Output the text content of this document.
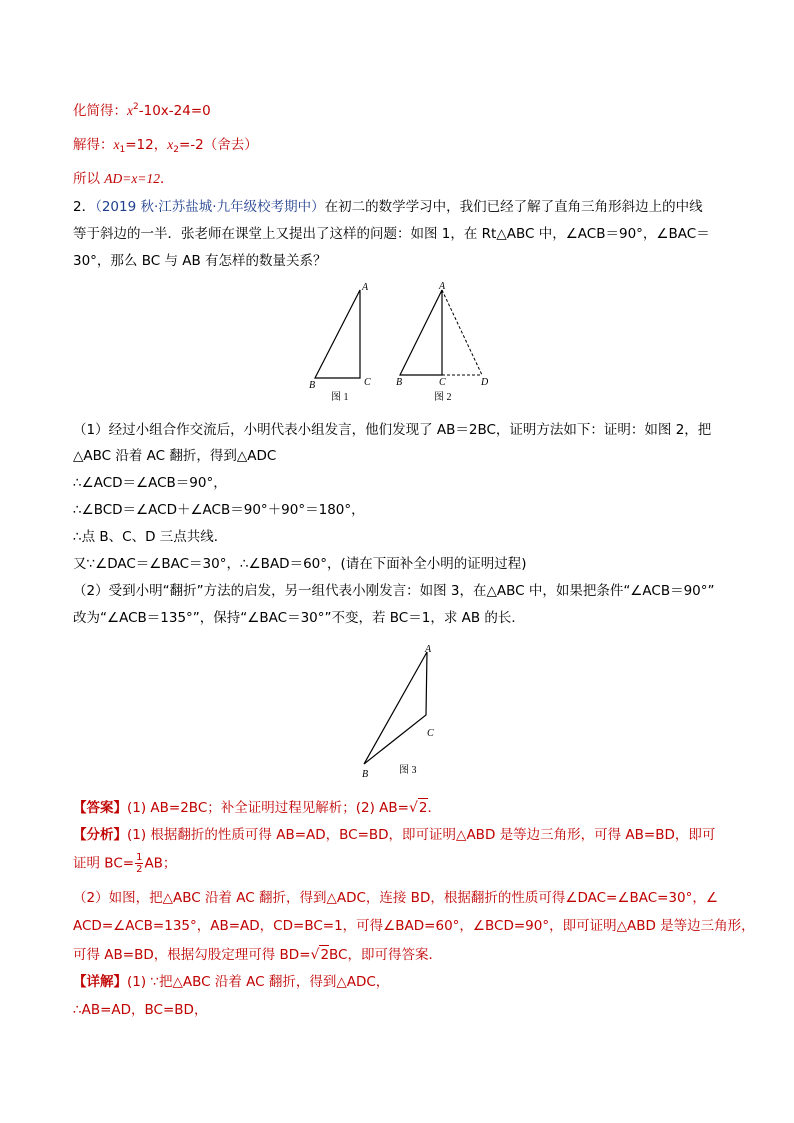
化简得：$x^2-10x-24=0$
解得：$x_1=12$，$x_2=-2$（舍去）
所以 AD=x=12．
2．（2019 秋·江苏盐城·九年级校考期中）在初二的数学学习中，我们已经了解了直角三角形斜边上的中线
等于斜边的一半．张老师在课堂上又提出了这样的问题：如图 1，在 Rt△ABC 中，∠ACB＝90°，∠BAC＝
30°，那么 BC 与 AB 有怎样的数量关系？
A
B	C
图 1
A
B	C	D
图 2
（1）经过小组合作交流后，小明代表小组发言，他们发现了 AB＝2BC，证明方法如下：证明：如图 2，把
△ABC 沿着 AC 翻折，得到△ADC
∴∠ACD＝∠ACB＝90°，
∴∠BCD＝∠ACD＋∠ACB＝90°＋90°＝180°，
∴点 B、C、D 三点共线．
又∵∠DAC＝∠BAC＝30°，∴∠BAD＝60°，(请在下面补全小明的证明过程)
（2）受到小明“翻折”方法的启发，另一组代表小刚发言：如图 3，在△ABC 中，如果把条件“∠ACB＝90°”
改为“∠ACB＝135°”，保持“∠BAC＝30°”不变，若 BC＝1，求 AB 的长．
A
B
C
图 3
【答案】(1) AB=2BC；补全证明过程见解析；(2) AB=√2．
【分析】(1) 根据翻折的性质可得 AB=AD，BC=BD，即可证明△ABD 是等边三角形，可得 AB=BD，即可
证明 $BC= \frac{1}{2}$ AB；
（2）如图，把△ABC 沿着 AC 翻折，得到△ADC，连接 BD，根据翻折的性质可得∠DAC=∠BAC=30°，∠
ACD=∠ACB=135°，AB=AD，CD=BC=1，可得∠BAD=60°，∠BCD=90°，即可证明△ABD 是等边三角形，
可得 AB=BD，根据勾股定理可得 BD=√2BC，即可得答案．
【详解】(1) ∵把△ABC 沿着 AC 翻折，得到△ADC，
∴AB=AD，BC=BD，
